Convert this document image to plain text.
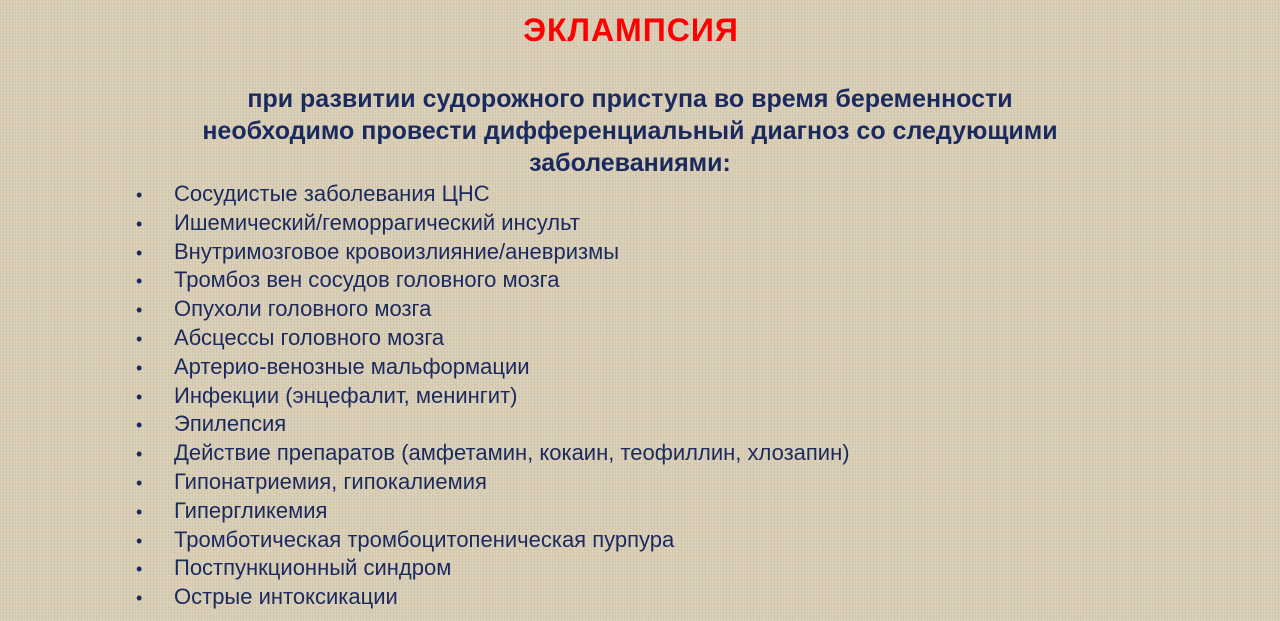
ЭКЛАМПСИЯ

при развитии судорожного приступа во время беременности
необходимо провести дифференциальный диагноз со следующими
заболеваниями:

•	Сосудистые заболевания ЦНС
•	Ишемический/геморрагический инсульт
•	Внутримозговое кровоизлияние/аневризмы
•	Тромбоз вен сосудов головного мозга
•	Опухоли головного мозга
•	Абсцессы головного мозга
•	Артерио-венозные мальформации
•	Инфекции (энцефалит, менингит)
•	Эпилепсия
•	Действие препаратов (амфетамин, кокаин, теофиллин, хлозапин)
•	Гипонатриемия, гипокалиемия
•	Гипергликемия
•	Тромботическая тромбоцитопеническая пурпура
•	Постпункционный синдром
•	Острые интоксикации
